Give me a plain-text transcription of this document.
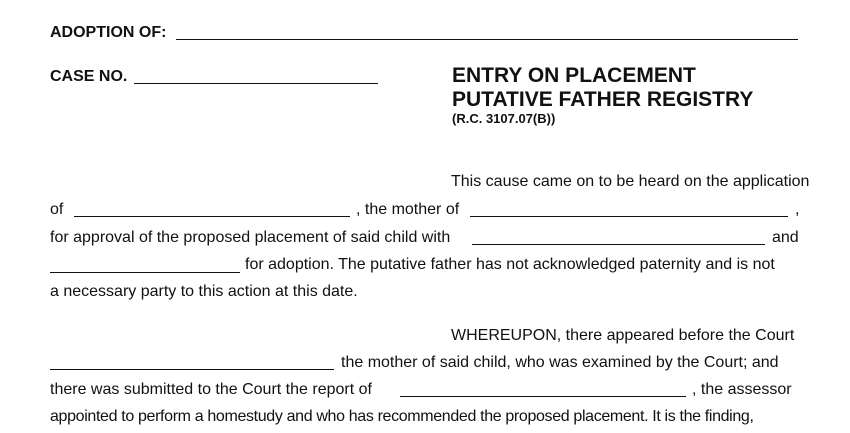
ADOPTION OF:
CASE NO.	ENTRY ON PLACEMENT
PUTATIVE FATHER REGISTRY
(R.C. 3107.07(B))
This cause came on to be heard on the application
of	, the mother of	,
for approval of the proposed placement of said child with	and
for adoption. The putative father has not acknowledged paternity and is not
a necessary party to this action at this date.
WHEREUPON, there appeared before the Court
the mother of said child, who was examined by the Court; and
there was submitted to the Court the report of	, the assessor
appointed to perform a homestudy and who has recommended the proposed placement. It is the finding,
